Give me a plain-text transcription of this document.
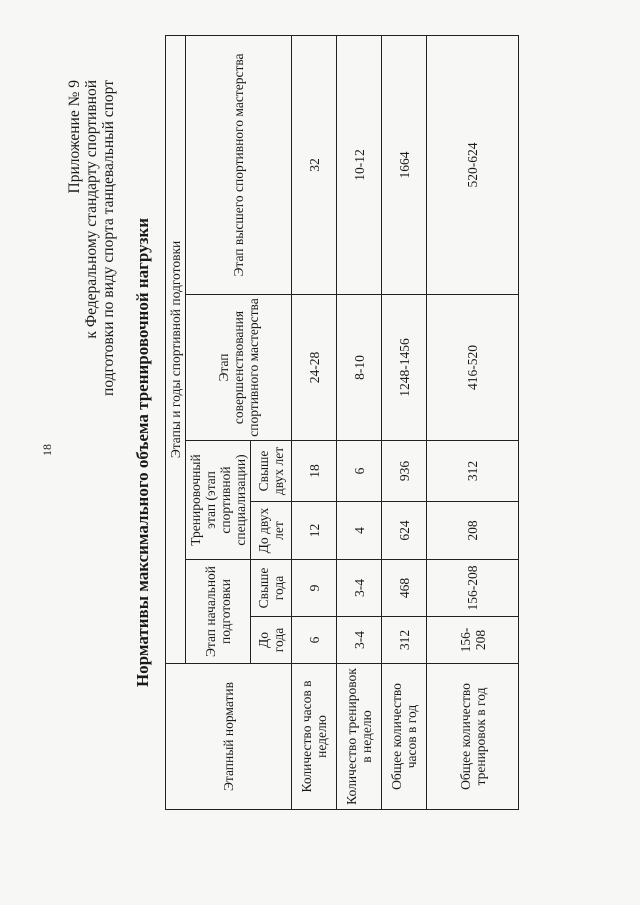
18
Приложение № 9 к Федеральному стандарту спортивной подготовки по виду спорта танцевальный спорт Нормативы максимального объема тренировочной нагрузки
Этапный норматив	Этапы и годы спортивной подготовки					
	Этап начальной подготовки		Тренировочный этап (этап спортивной специализации)		Этап совершенствования спортивного мастерства	Этап высшего спортивного мастерства
	До года	Свыше года	До двух лет	Свыше двух лет		
Количество часов в неделю	6	9	12	18	24-28	32
Количество тренировок в неделю	3-4	3-4	4	6	8-10	10-12
Общее количество часов в год	312	468	624	936	1248-1456	1664
Общее количество тренировок в год	156-208	156-208	208	312	416-520	520-624
